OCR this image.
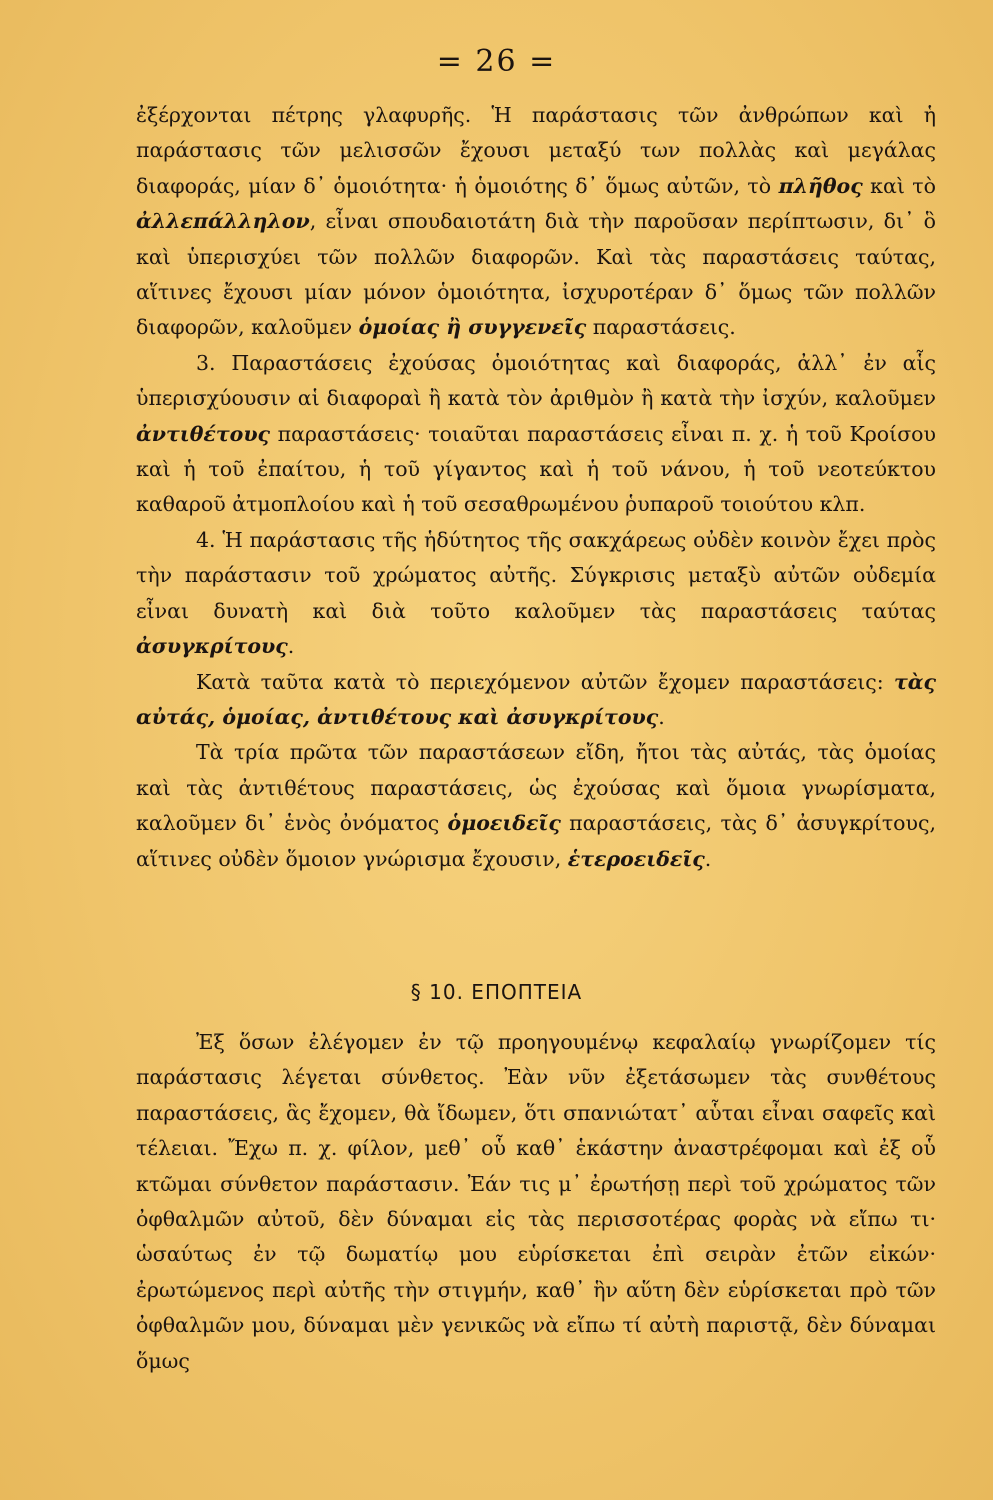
= 26 =

ἐξέρχονται πέτρης γλαφυρῆς. Ἡ παράστασις τῶν ἀνθρώπων καὶ ἡ παράστασις τῶν μελισσῶν ἔχουσι μεταξύ των πολλὰς καὶ μεγάλας διαφοράς, μίαν δ᾽ ὁμοιότητα· ἡ ὁμοιότης δ᾽ ὅμως αὐτῶν, τὸ πλῆθος καὶ τὸ ἀλλεπάλληλον, εἶναι σπουδαιοτάτη διὰ τὴν παροῦσαν περίπτωσιν, δι᾽ ὃ καὶ ὑπερισχύει τῶν πολλῶν διαφορῶν. Καὶ τὰς παραστάσεις ταύτας, αἵτινες ἔχουσι μίαν μόνον ὁμοιότητα, ἰσχυροτέραν δ᾽ ὅμως τῶν πολλῶν διαφορῶν, καλοῦμεν ὁμοίας ἢ συγγενεῖς παραστάσεις.

3. Παραστάσεις ἐχούσας ὁμοιότητας καὶ διαφοράς, ἀλλ᾽ ἐν αἷς ὑπερισχύουσιν αἱ διαφοραὶ ἢ κατὰ τὸν ἀριθμὸν ἢ κατὰ τὴν ἰσχύν, καλοῦμεν ἀντιθέτους παραστάσεις· τοιαῦται παραστάσεις εἶναι π. χ. ἡ τοῦ Κροίσου καὶ ἡ τοῦ ἐπαίτου, ἡ τοῦ γίγαντος καὶ ἡ τοῦ νάνου, ἡ τοῦ νεοτεύκτου καθαροῦ ἀτμοπλοίου καὶ ἡ τοῦ σεσαθρωμένου ῥυπαροῦ τοιούτου κλπ.

4. Ἡ παράστασις τῆς ἡδύτητος τῆς σακχάρεως οὐδὲν κοινὸν ἔχει πρὸς τὴν παράστασιν τοῦ χρώματος αὐτῆς. Σύγκρισις μεταξὺ αὐτῶν οὐδεμία εἶναι δυνατὴ καὶ διὰ τοῦτο καλοῦμεν τὰς παραστάσεις ταύτας ἀσυγκρίτους.

Κατὰ ταῦτα κατὰ τὸ περιεχόμενον αὐτῶν ἔχομεν παραστάσεις: τὰς αὐτάς, ὁμοίας, ἀντιθέτους καὶ ἀσυγκρίτους.

Τὰ τρία πρῶτα τῶν παραστάσεων εἴδη, ἤτοι τὰς αὐτάς, τὰς ὁμοίας καὶ τὰς ἀντιθέτους παραστάσεις, ὡς ἐχούσας καὶ ὅμοια γνωρίσματα, καλοῦμεν δι᾽ ἑνὸς ὀνόματος ὁμοειδεῖς παραστάσεις, τὰς δ᾽ ἀσυγκρίτους, αἵτινες οὐδὲν ὅμοιον γνώρισμα ἔχουσιν, ἑτεροειδεῖς.

§ 10. ΕΠΟΠΤΕΙΑ

Ἐξ ὅσων ἐλέγομεν ἐν τῷ προηγουμένῳ κεφαλαίῳ γνωρίζομεν τίς παράστασις λέγεται σύνθετος. Ἐὰν νῦν ἐξετάσωμεν τὰς συνθέτους παραστάσεις, ἃς ἔχομεν, θὰ ἴδωμεν, ὅτι σπανιώτατ᾽ αὗται εἶναι σαφεῖς καὶ τέλειαι. Ἔχω π. χ. φίλον, μεθ᾽ οὗ καθ᾽ ἑκάστην ἀναστρέφομαι καὶ ἐξ οὗ κτῶμαι σύνθετον παράστασιν. Ἐάν τις μ᾽ ἐρωτήσῃ περὶ τοῦ χρώματος τῶν ὀφθαλμῶν αὐτοῦ, δὲν δύναμαι εἰς τὰς περισσοτέρας φορὰς νὰ εἴπω τι· ὡσαύτως ἐν τῷ δωματίῳ μου εὑρίσκεται ἐπὶ σειρὰν ἐτῶν εἰκών· ἐρωτώμενος περὶ αὐτῆς τὴν στιγμήν, καθ᾽ ἣν αὕτη δὲν εὑρίσκεται πρὸ τῶν ὀφθαλμῶν μου, δύναμαι μὲν γενικῶς νὰ εἴπω τί αὐτὴ παριστᾷ, δὲν δύναμαι ὅμως
